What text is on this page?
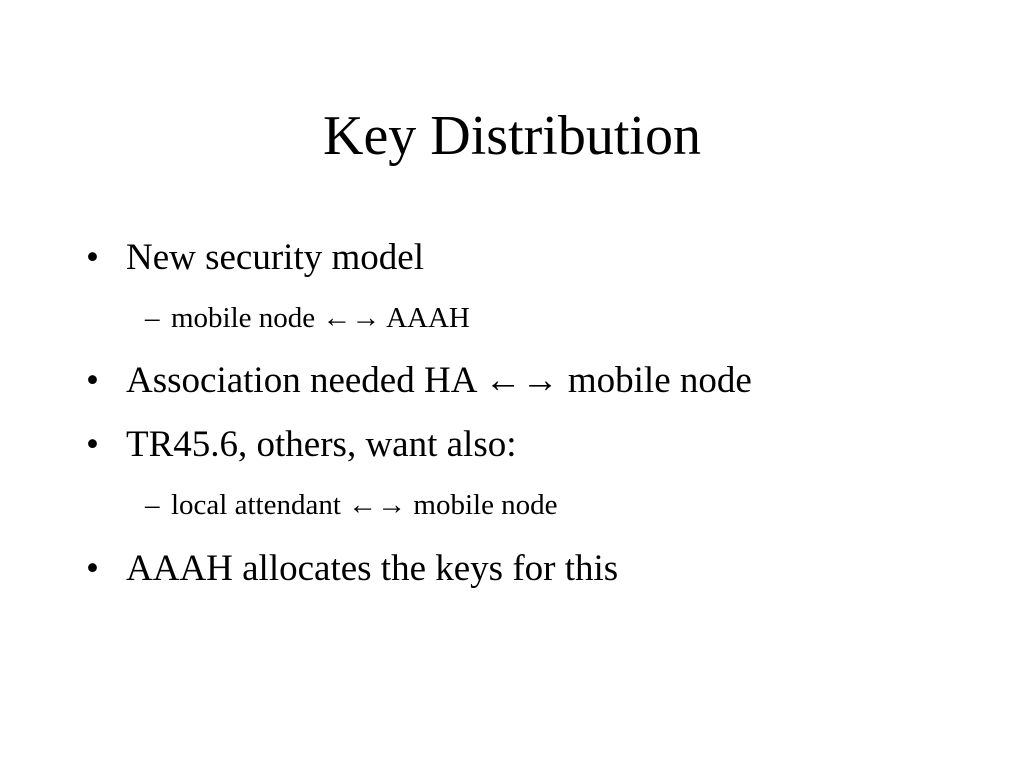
Key Distribution
• New security model
– mobile node ←→ AAAH
• Association needed HA ←→ mobile node
• TR45.6, others, want also:
– local attendant ←→ mobile node
• AAAH allocates the keys for this
